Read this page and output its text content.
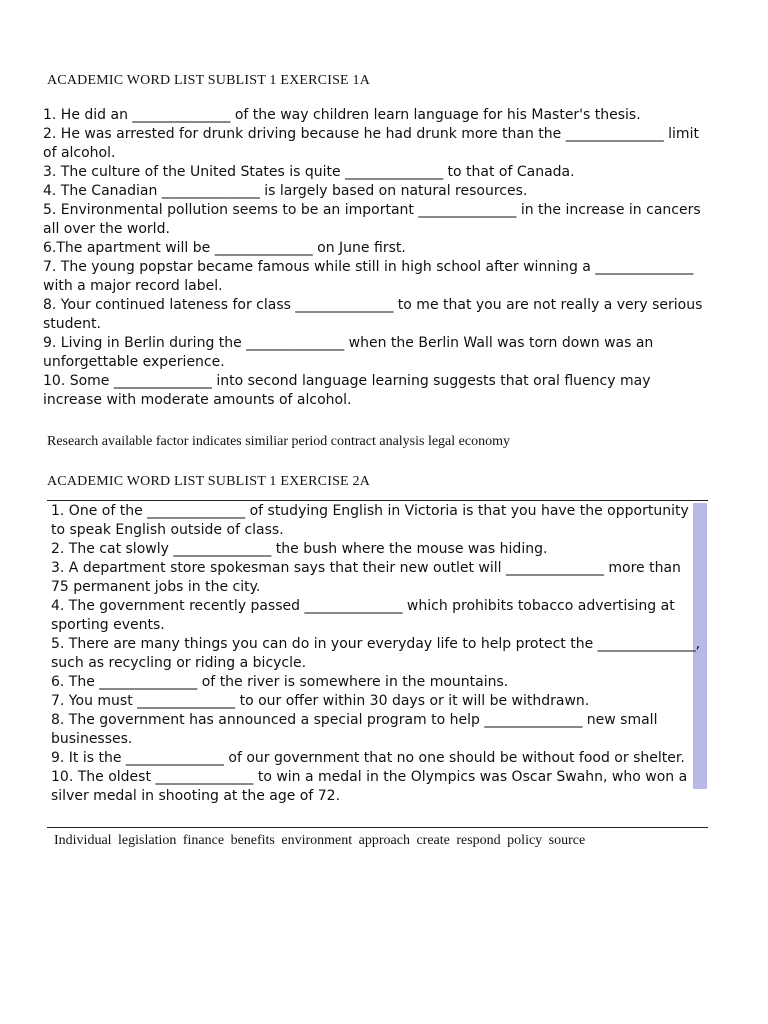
ACADEMIC WORD LIST SUBLIST 1 EXERCISE 1A
1. He did an ______________ of the way children learn language for his Master's thesis.
2. He was arrested for drunk driving because he had drunk more than the ______________ limit of alcohol.
3. The culture of the United States is quite ______________ to that of Canada.
4. The Canadian ______________ is largely based on natural resources.
5. Environmental pollution seems to be an important ______________ in the increase in cancers all over the world.
6.The apartment will be ______________ on June first.
7. The young popstar became famous while still in high school after winning a ______________ with a major record label.
8. Your continued lateness for class ______________ to me that you are not really a very serious student.
9. Living in Berlin during the ______________ when the Berlin Wall was torn down was an unforgettable experience.
10. Some ______________ into second language learning suggests that oral fluency may increase with moderate amounts of alcohol.
Research available factor indicates similiar period contract analysis legal economy
ACADEMIC WORD LIST SUBLIST 1 EXERCISE 2A
1. One of the ______________ of studying English in Victoria is that you have the opportunity to speak English outside of class.
2. The cat slowly ______________ the bush where the mouse was hiding.
3. A department store spokesman says that their new outlet will ______________ more than 75 permanent jobs in the city.
4. The government recently passed ______________ which prohibits tobacco advertising at sporting events.
5. There are many things you can do in your everyday life to help protect the ______________, such as recycling or riding a bicycle.
6. The ______________ of the river is somewhere in the mountains.
7. You must ______________ to our offer within 30 days or it will be withdrawn.
8. The government has announced a special program to help ______________ new small businesses.
9. It is the ______________ of our government that no one should be without food or shelter.
10. The oldest ______________ to win a medal in the Olympics was Oscar Swahn, who won a silver medal in shooting at the age of 72.
Individual legislation finance benefits environment approach create respond policy source
